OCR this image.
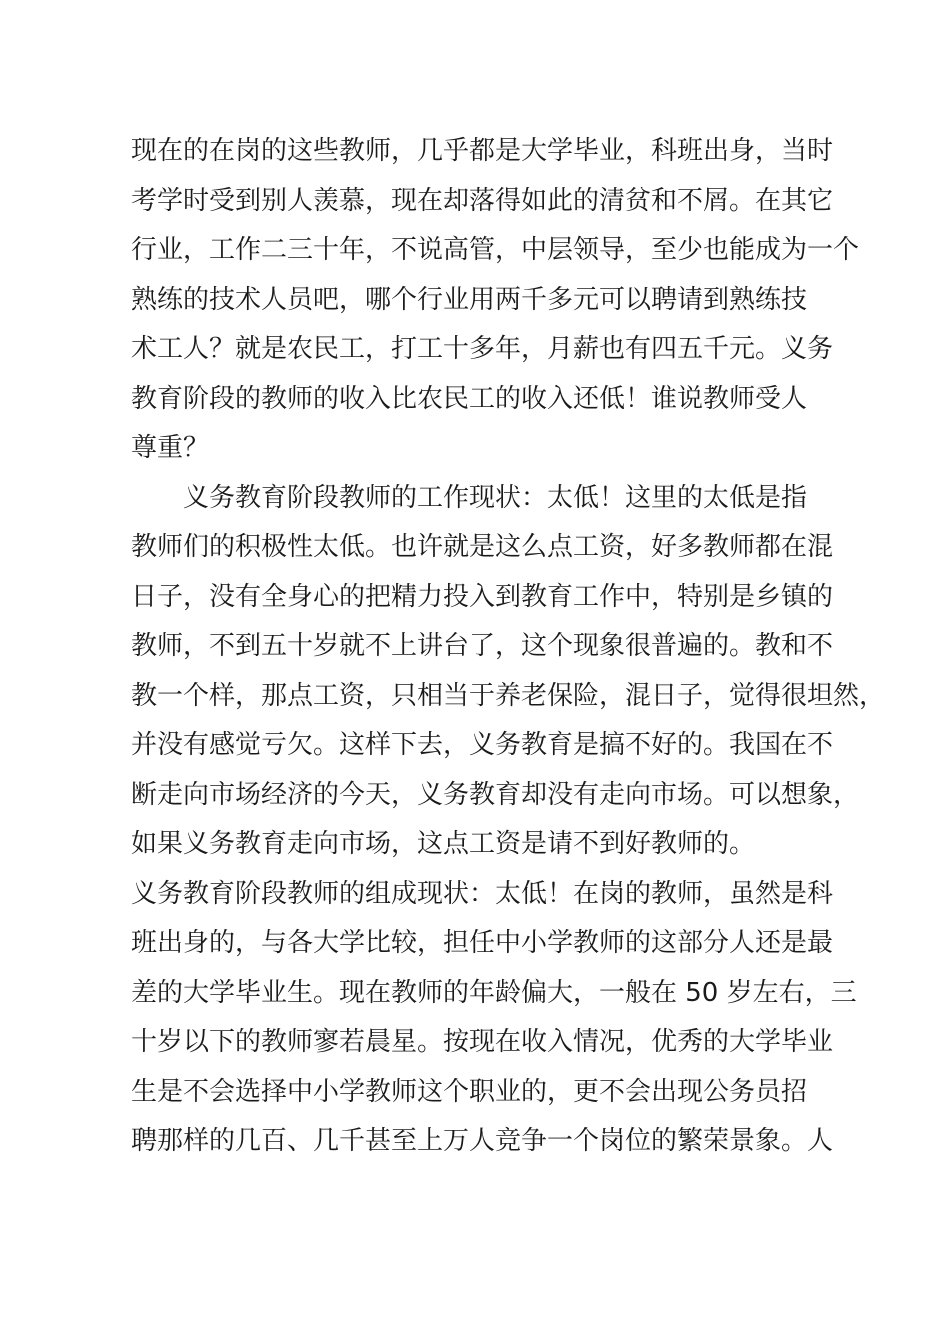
现在的在岗的这些教师，几乎都是大学毕业，科班出身，当时
考学时受到别人羡慕，现在却落得如此的清贫和不屑。在其它
行业，工作二三十年，不说高管，中层领导，至少也能成为一个
熟练的技术人员吧，哪个行业用两千多元可以聘请到熟练技
术工人？就是农民工，打工十多年，月薪也有四五千元。义务
教育阶段的教师的收入比农民工的收入还低！谁说教师受人
尊重？
义务教育阶段教师的工作现状：太低！这里的太低是指
教师们的积极性太低。也许就是这么点工资，好多教师都在混
日子，没有全身心的把精力投入到教育工作中，特别是乡镇的
教师，不到五十岁就不上讲台了，这个现象很普遍的。教和不
教一个样，那点工资，只相当于养老保险，混日子，觉得很坦然，
并没有感觉亏欠。这样下去，义务教育是搞不好的。我国在不
断走向市场经济的今天，义务教育却没有走向市场。可以想象，
如果义务教育走向市场，这点工资是请不到好教师的。
义务教育阶段教师的组成现状：太低！在岗的教师，虽然是科
班出身的，与各大学比较，担任中小学教师的这部分人还是最
差的大学毕业生。现在教师的年龄偏大，一般在 50 岁左右，三
十岁以下的教师寥若晨星。按现在收入情况，优秀的大学毕业
生是不会选择中小学教师这个职业的，更不会出现公务员招
聘那样的几百、几千甚至上万人竞争一个岗位的繁荣景象。人
